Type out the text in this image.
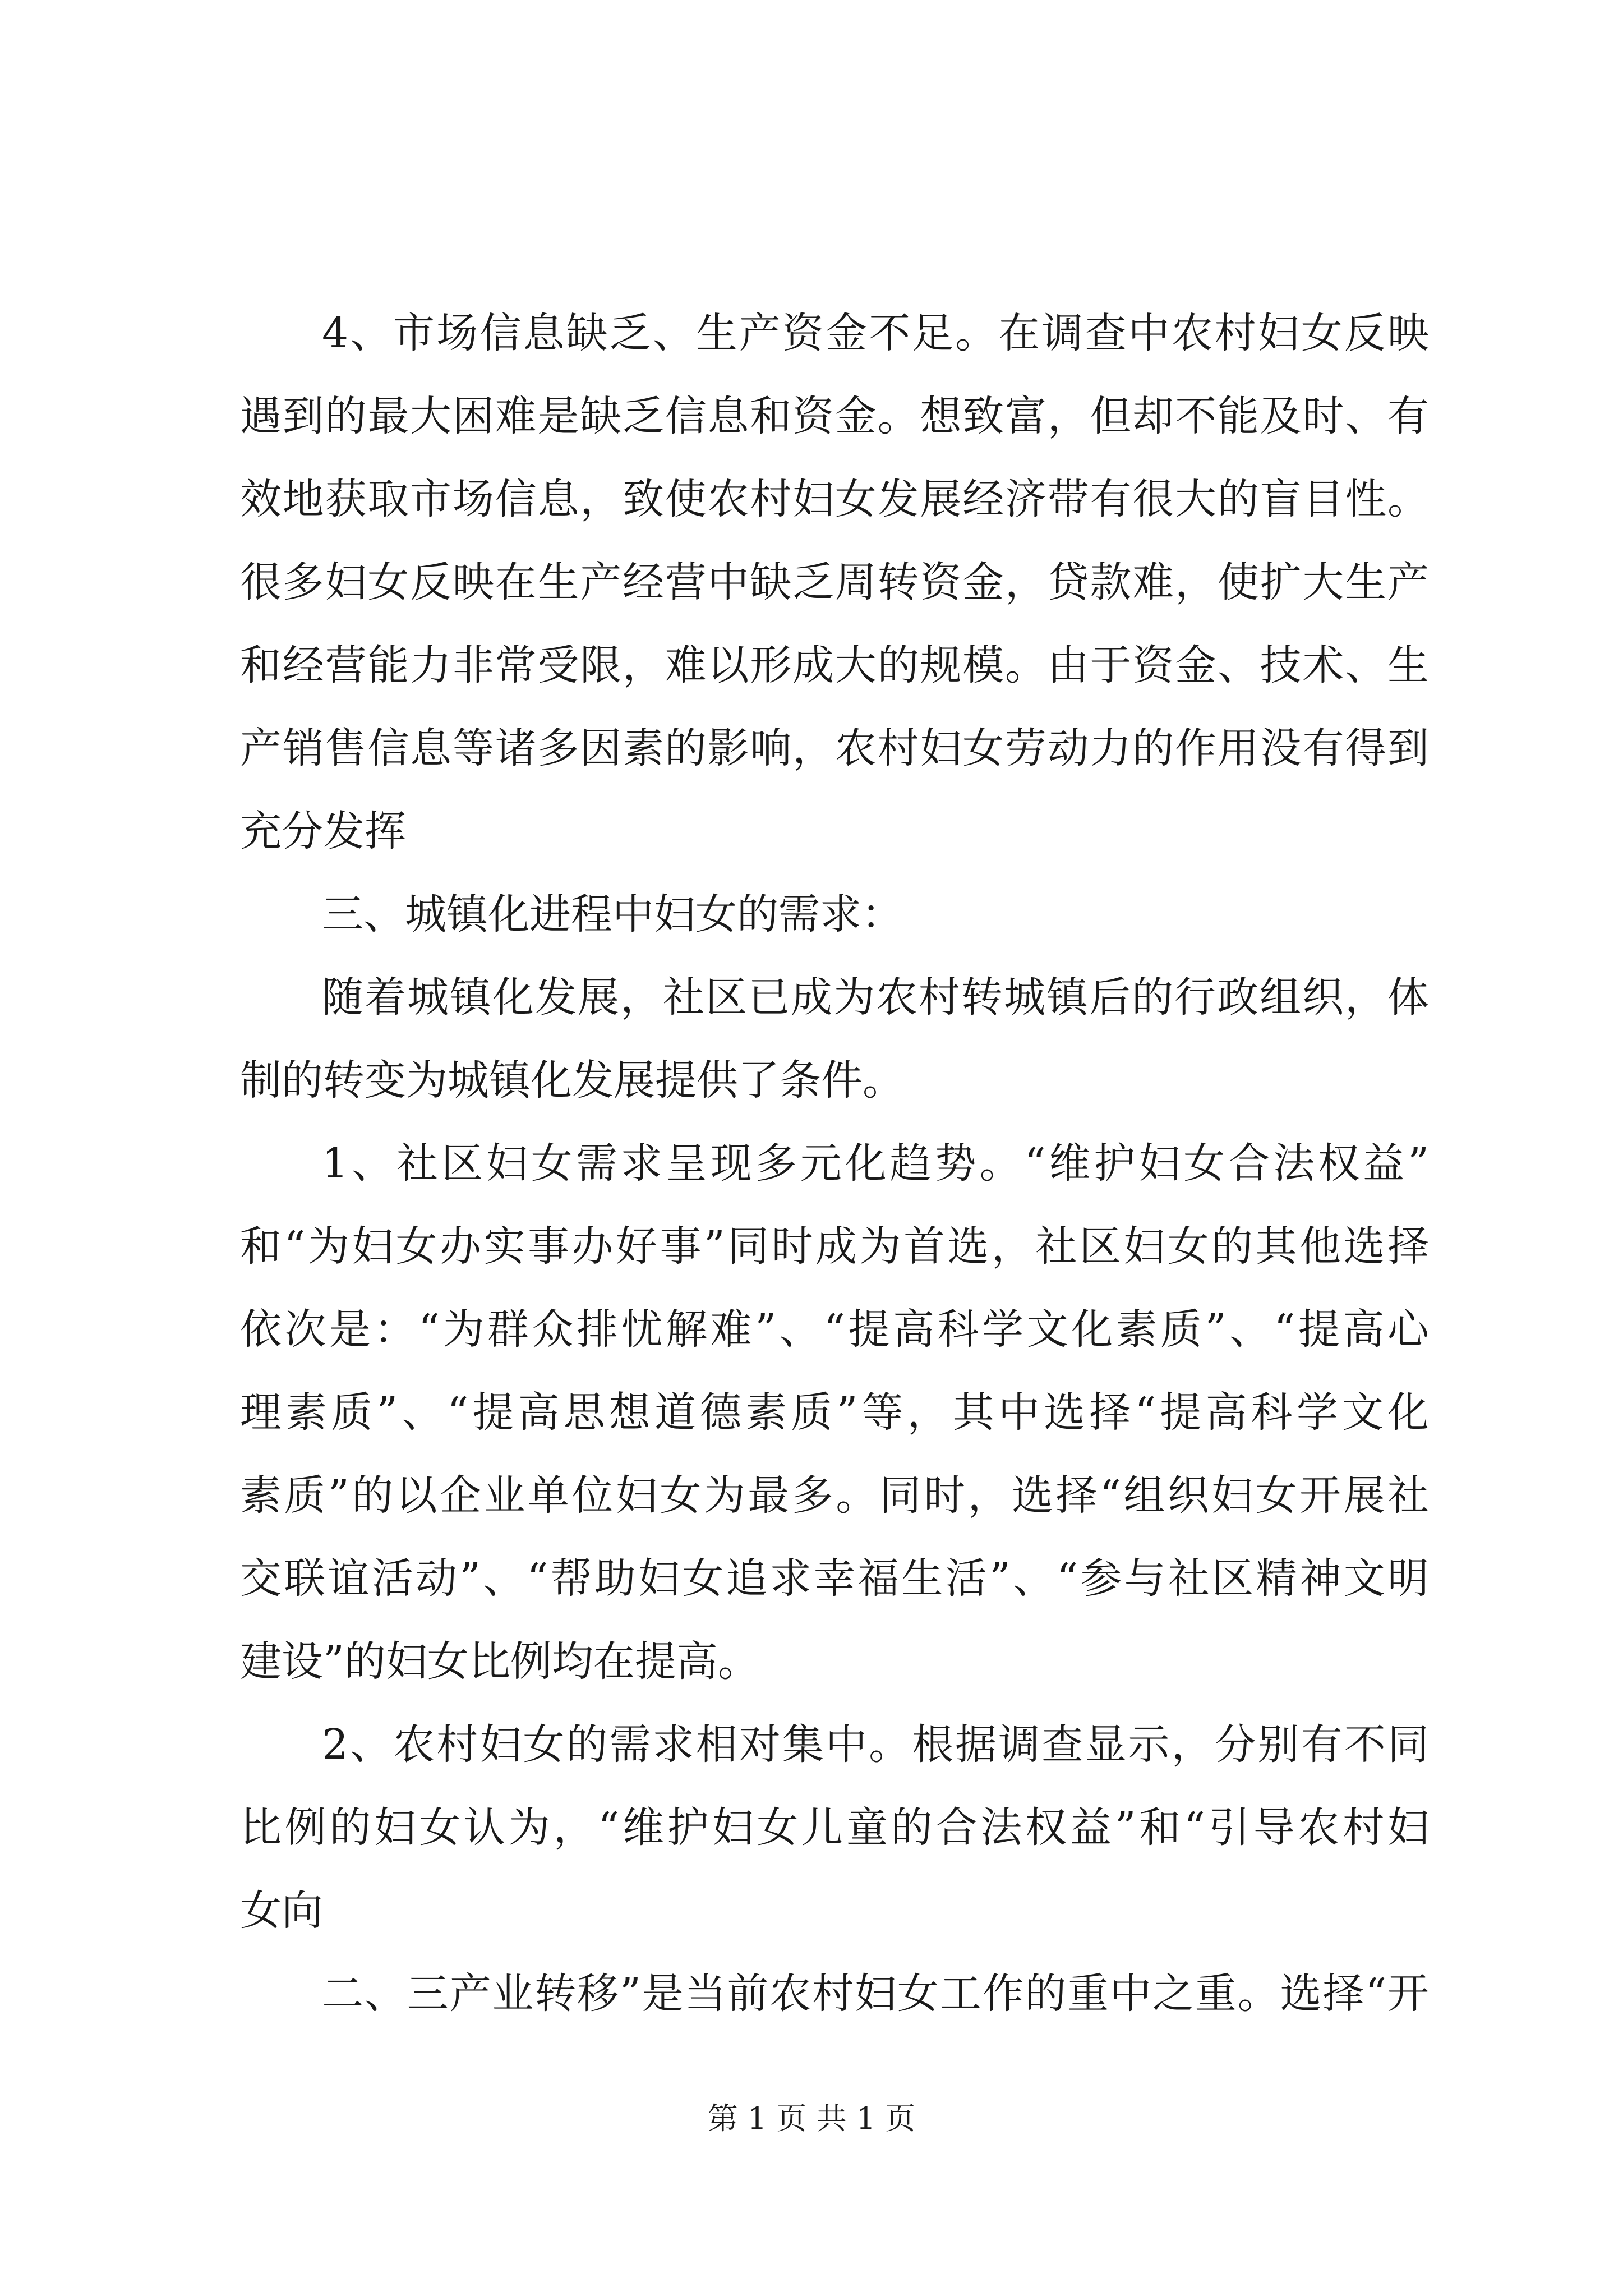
4、市场信息缺乏、生产资金不足。在调查中农村妇女反映
遇到的最大困难是缺乏信息和资金。想致富，但却不能及时、有
效地获取市场信息，致使农村妇女发展经济带有很大的盲目性。
很多妇女反映在生产经营中缺乏周转资金，贷款难，使扩大生产
和经营能力非常受限，难以形成大的规模。由于资金、技术、生
产销售信息等诸多因素的影响，农村妇女劳动力的作用没有得到
充分发挥
三、城镇化进程中妇女的需求：
随着城镇化发展，社区已成为农村转城镇后的行政组织，体
制的转变为城镇化发展提供了条件。
1、社区妇女需求呈现多元化趋势。“维护妇女合法权益”
和“为妇女办实事办好事”同时成为首选，社区妇女的其他选择
依次是：“为群众排忧解难”、“提高科学文化素质”、“提高心
理素质”、“提高思想道德素质”等，其中选择“提高科学文化
素质”的以企业单位妇女为最多。同时，选择“组织妇女开展社
交联谊活动”、“帮助妇女追求幸福生活”、“参与社区精神文明
建设”的妇女比例均在提高。
2、农村妇女的需求相对集中。根据调查显示，分别有不同
比例的妇女认为，“维护妇女儿童的合法权益”和“引导农村妇
女向
二、三产业转移”是当前农村妇女工作的重中之重。选择“开
第 1 页 共 1 页
